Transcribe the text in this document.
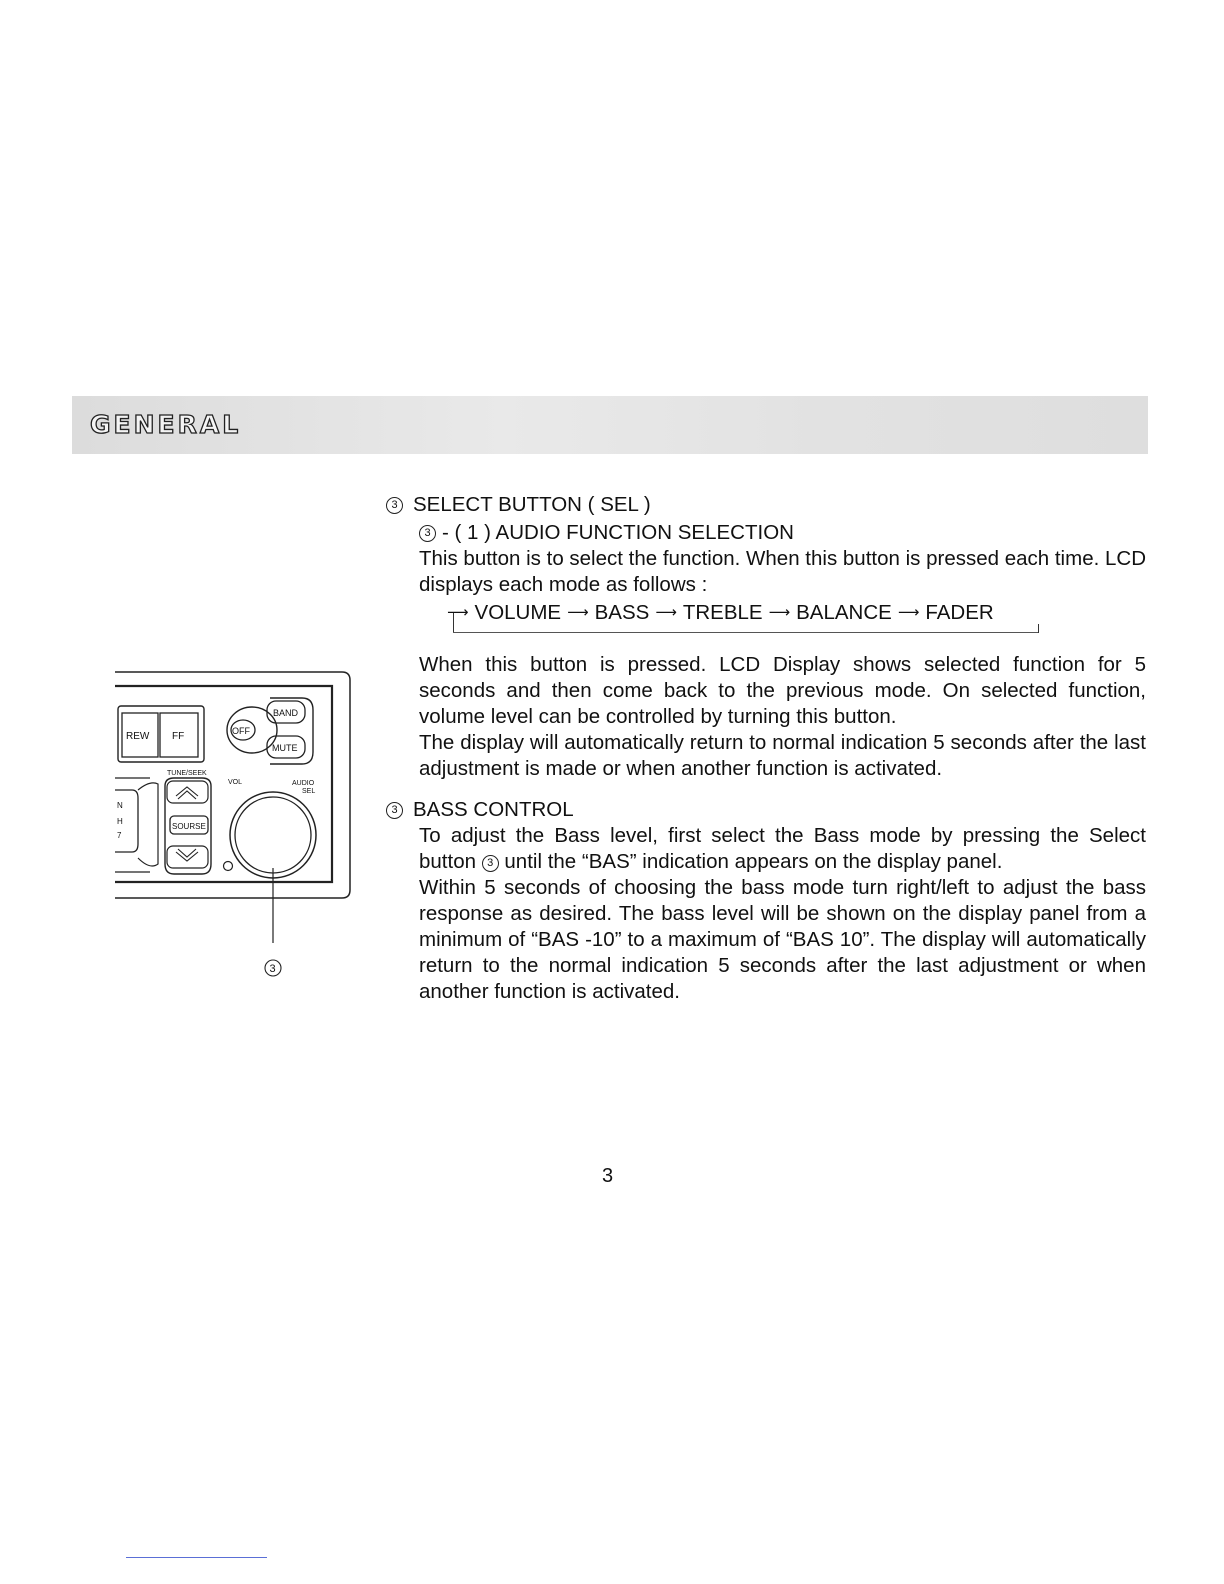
GENERAL
3 SELECT BUTTON ( SEL )
3 - ( 1 ) AUDIO FUNCTION SELECTION

This button is to select the function. When this button is pressed each time. LCD displays each mode as follows :

⟶ VOLUME ⟶ BASS ⟶ TREBLE ⟶ BALANCE ⟶ FADER

When this button is pressed. LCD Display shows selected function for 5 seconds and then come back to the previous mode. On selected function, volume level can be controlled by turning this button.

The display will automatically return to normal indication 5 seconds after the last adjustment is made or when another function is activated.

3 BASS CONTROL

To adjust the Bass level, first select the Bass mode by pressing the Select button 3 until the “BAS” indication appears on the display panel.

Within 5 seconds of choosing the bass mode turn right/left to adjust the bass response as desired. The bass level will be shown on the display panel from a minimum of “BAS -10” to a maximum of “BAS 10”. The display will automatically return to the normal indication 5 seconds after the last adjustment or when another function is activated.

REW FF	OFF
BAND
MUTE
TUNE/SEEK
VOL	AUDIO
SEL
N
H
7
SOURSE
3
3
